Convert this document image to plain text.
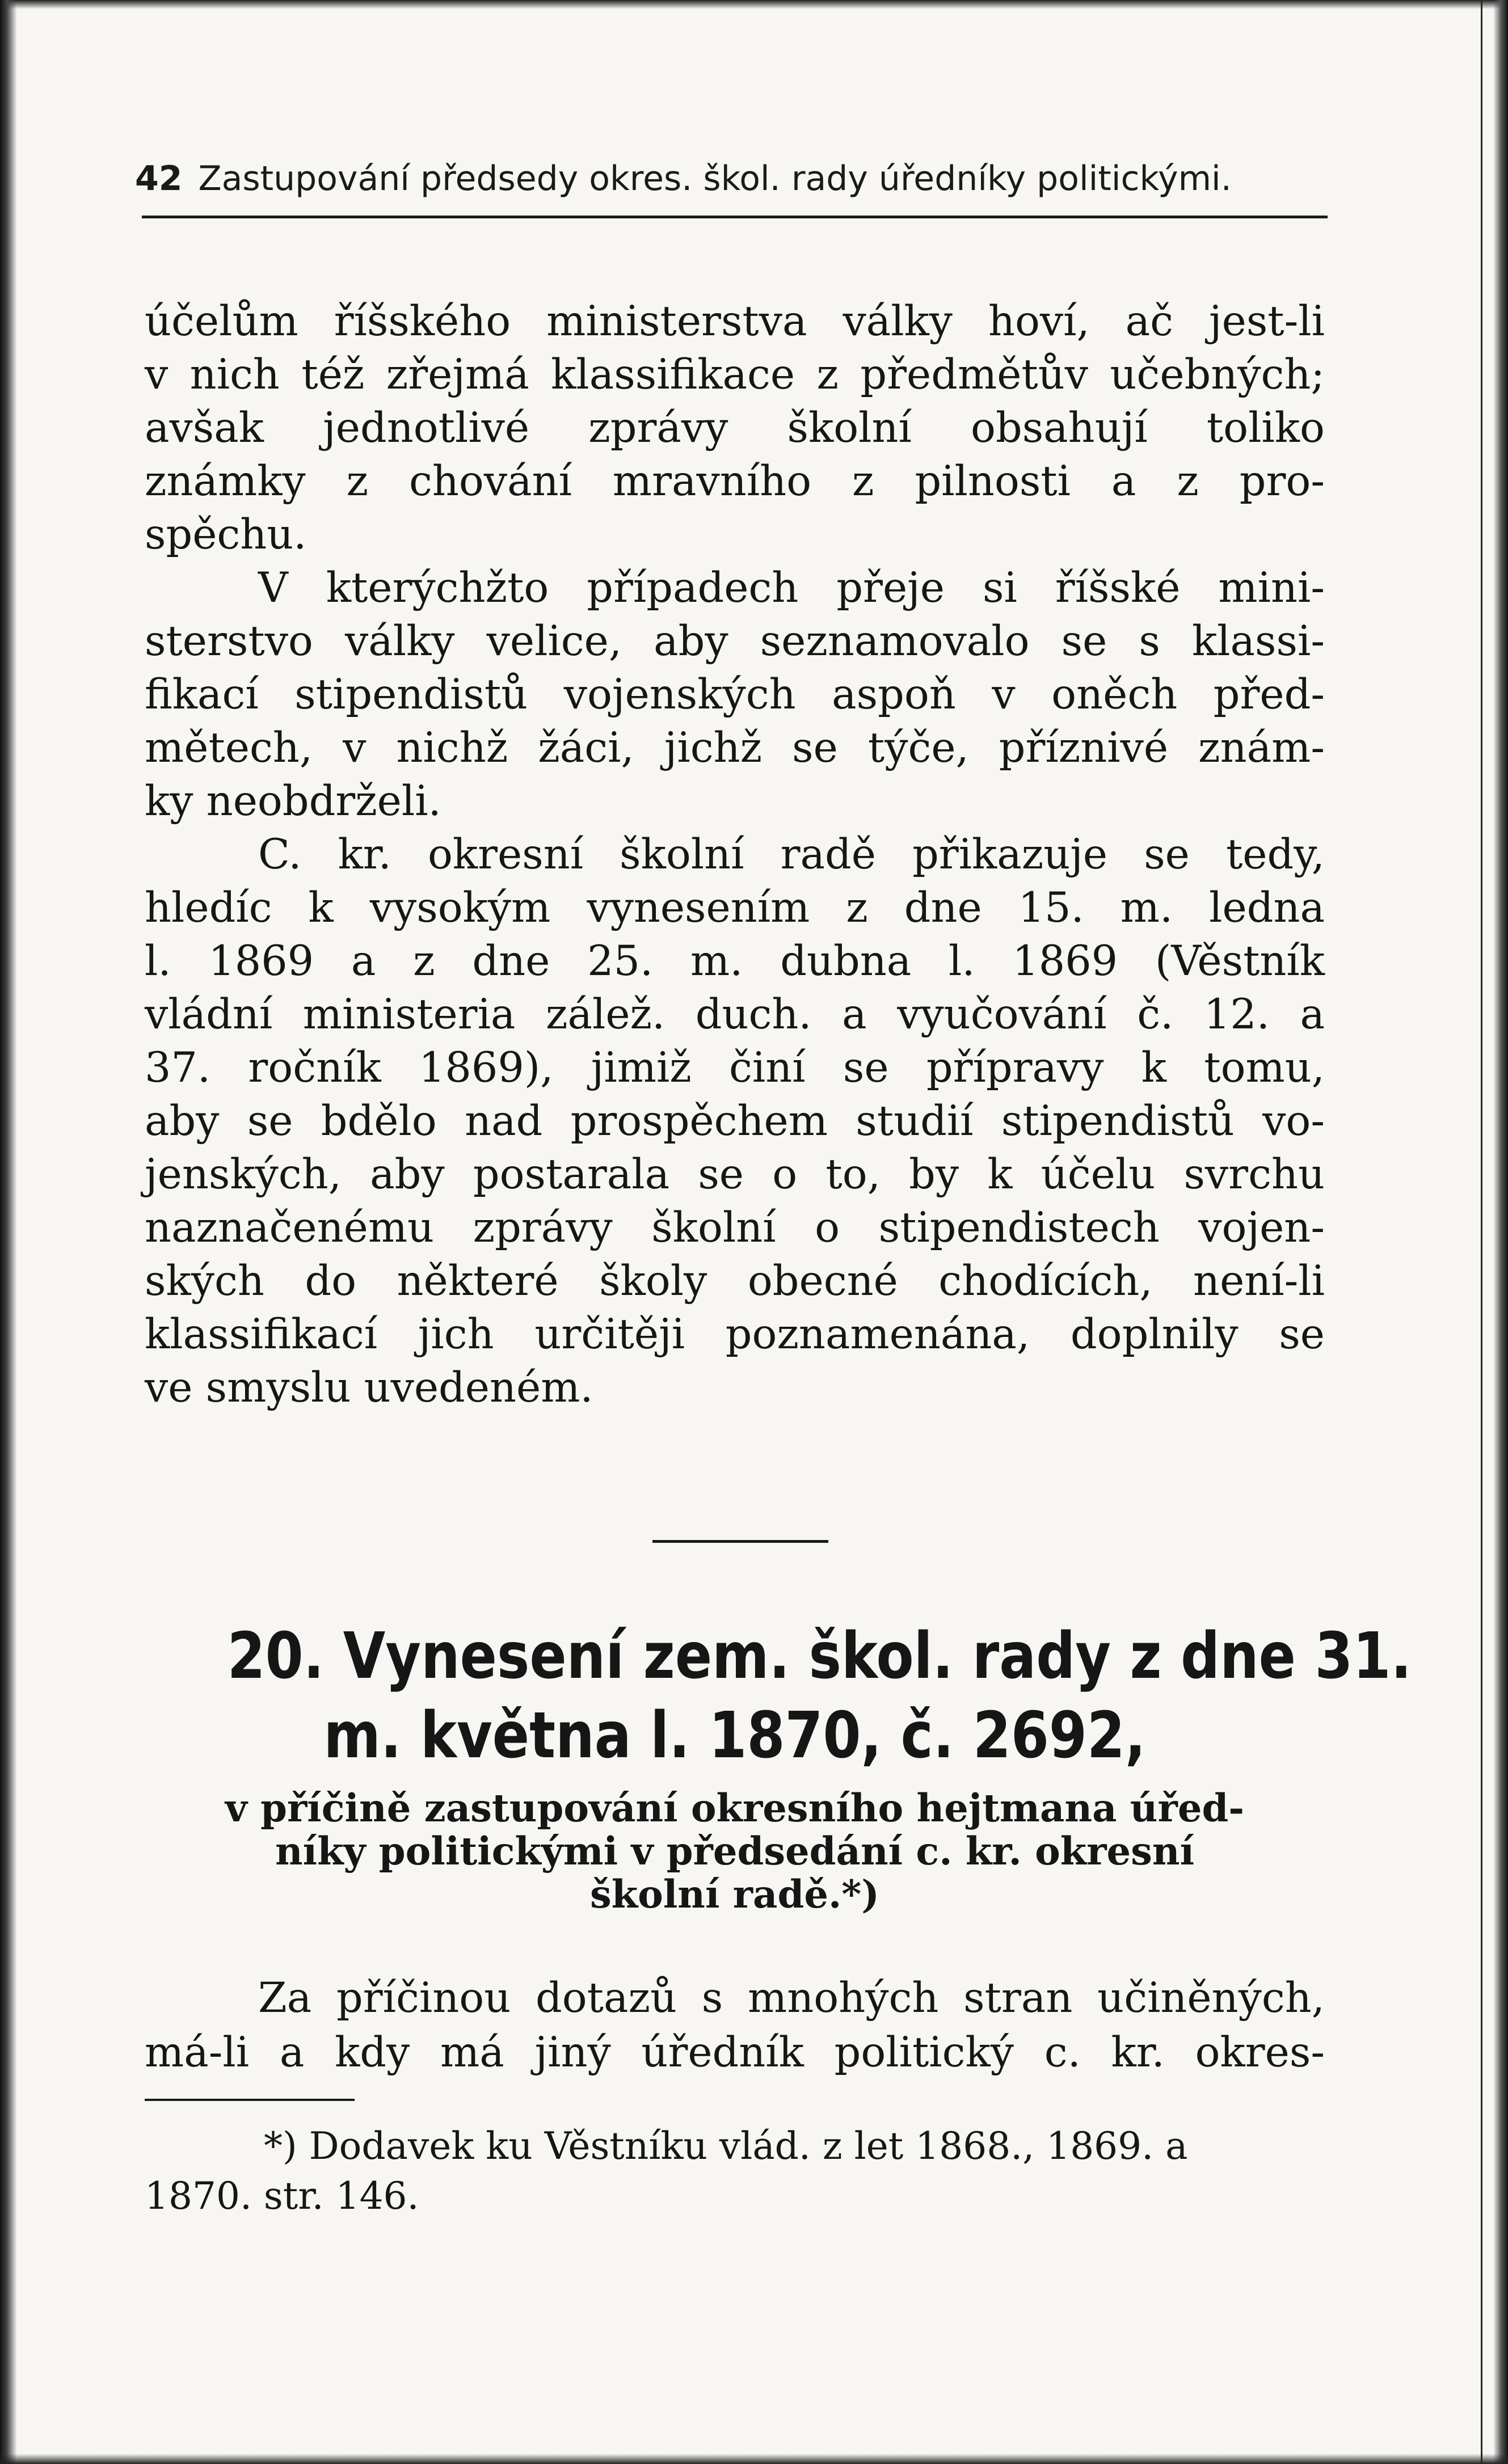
42 Zastupování předsedy okres. škol. rady úředníky politickými.
účelům říšského ministerstva války hoví, ač jest-li
v nich též zřejmá klassifikace z předmětův učebných;
avšak jednotlivé zprávy školní obsahují toliko
známky z chování mravního z pilnosti a z pro-
spěchu.
V kterýchžto případech přeje si říšské mini-
sterstvo války velice, aby seznamovalo se s klassi-
fikací stipendistů vojenských aspoň v oněch před-
mětech, v nichž žáci, jichž se týče, příznivé znám-
ky neobdrželi.
C. kr. okresní školní radě přikazuje se tedy,
hledíc k vysokým vynesením z dne 15. m. ledna
l. 1869 a z dne 25. m. dubna l. 1869 (Věstník
vládní ministeria zálež. duch. a vyučování č. 12. a
37. ročník 1869), jimiž činí se přípravy k tomu,
aby se bdělo nad prospěchem studií stipendistů vo-
jenských, aby postarala se o to, by k účelu svrchu
naznačenému zprávy školní o stipendistech vojen-
ských do některé školy obecné chodících, není-li
klassifikací jich určitěji poznamenána, doplnily se
ve smyslu uvedeném.
20. Vynesení zem. škol. rady z dne 31.
m. května l. 1870, č. 2692,
v příčině zastupování okresního hejtmana úřed-
níky politickými v předsedání c. kr. okresní
školní radě.*)
Za příčinou dotazů s mnohých stran učiněných,
má-li a kdy má jiný úředník politický c. kr. okres-
*) Dodavek ku Věstníku vlád. z let 1868., 1869. a
1870. str. 146.
